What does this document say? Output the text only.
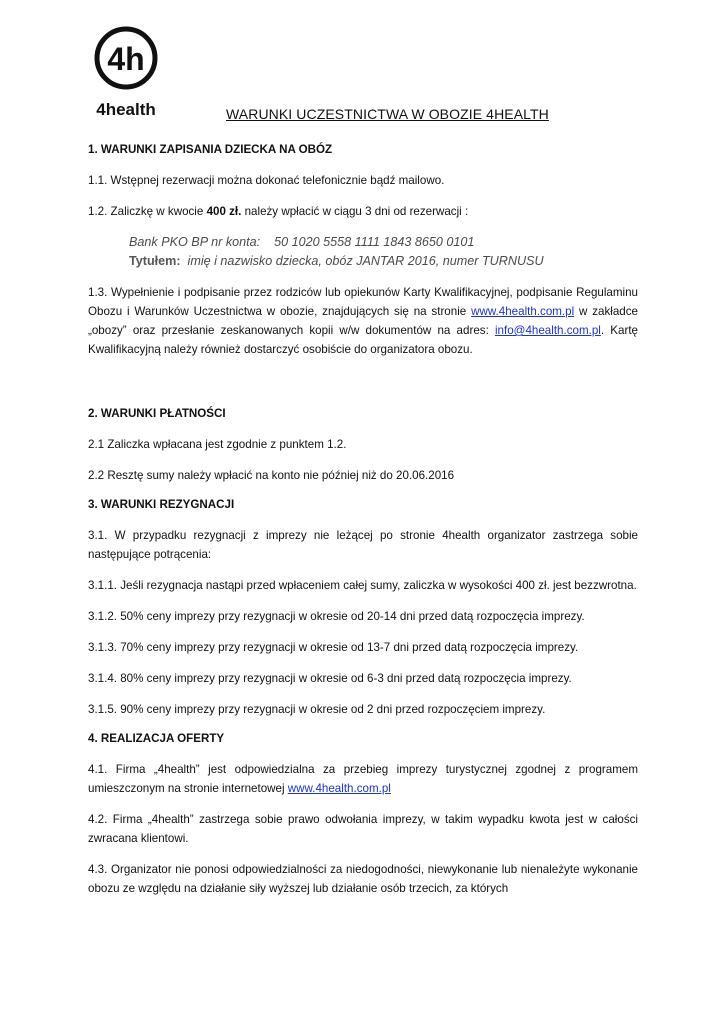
4h
4health	WARUNKI UCZESTNICTWA W OBOZIE 4HEALTH

1. WARUNKI ZAPISANIA DZIECKA NA OBÓZ

1.1. Wstępnej rezerwacji można dokonać telefonicznie bądź mailowo.

1.2. Zaliczkę w kwocie 400 zł. należy wpłacić w ciągu 3 dni od rezerwacji :

Bank PKO BP nr konta: 50 1020 5558 1111 1843 8650 0101

Tytułem: imię i nazwisko dziecka, obóz JANTAR 2016, numer TURNUSU

1.3. Wypełnienie i podpisanie przez rodziców lub opiekunów Karty Kwalifikacyjnej, podpisanie Regulaminu Obozu i Warunków Uczestnictwa w obozie, znajdujących się na stronie www.4health.com.pl w zakładce „obozy” oraz przesłanie zeskanowanych kopii w/w dokumentów na adres: info@4health.com.pl. Kartę Kwalifikacyjną należy również dostarczyć osobiście do organizatora obozu.

2. WARUNKI PŁATNOŚCI

2.1 Zaliczka wpłacana jest zgodnie z punktem 1.2.

2.2 Resztę sumy należy wpłacić na konto nie później niż do 20.06.2016

3. WARUNKI REZYGNACJI

3.1. W przypadku rezygnacji z imprezy nie leżącej po stronie 4health organizator zastrzega sobie następujące potrącenia:

3.1.1. Jeśli rezygnacja nastąpi przed wpłaceniem całej sumy, zaliczka w wysokości 400 zł. jest bezzwrotna.

3.1.2. 50% ceny imprezy przy rezygnacji w okresie od 20-14 dni przed datą rozpoczęcia imprezy.

3.1.3. 70% ceny imprezy przy rezygnacji w okresie od 13-7 dni przed datą rozpoczęcia imprezy.

3.1.4. 80% ceny imprezy przy rezygnacji w okresie od 6-3 dni przed datą rozpoczęcia imprezy.

3.1.5. 90% ceny imprezy przy rezygnacji w okresie od 2 dni przed rozpoczęciem imprezy.

4. REALIZACJA OFERTY

4.1. Firma „4health” jest odpowiedzialna za przebieg imprezy turystycznej zgodnej z programem umieszczonym na stronie internetowej www.4health.com.pl

4.2. Firma „4health” zastrzega sobie prawo odwołania imprezy, w takim wypadku kwota jest w całości zwracana klientowi.

4.3. Organizator nie ponosi odpowiedzialności za niedogodności, niewykonanie lub nienależyte wykonanie obozu ze względu na działanie siły wyższej lub działanie osób trzecich, za których
